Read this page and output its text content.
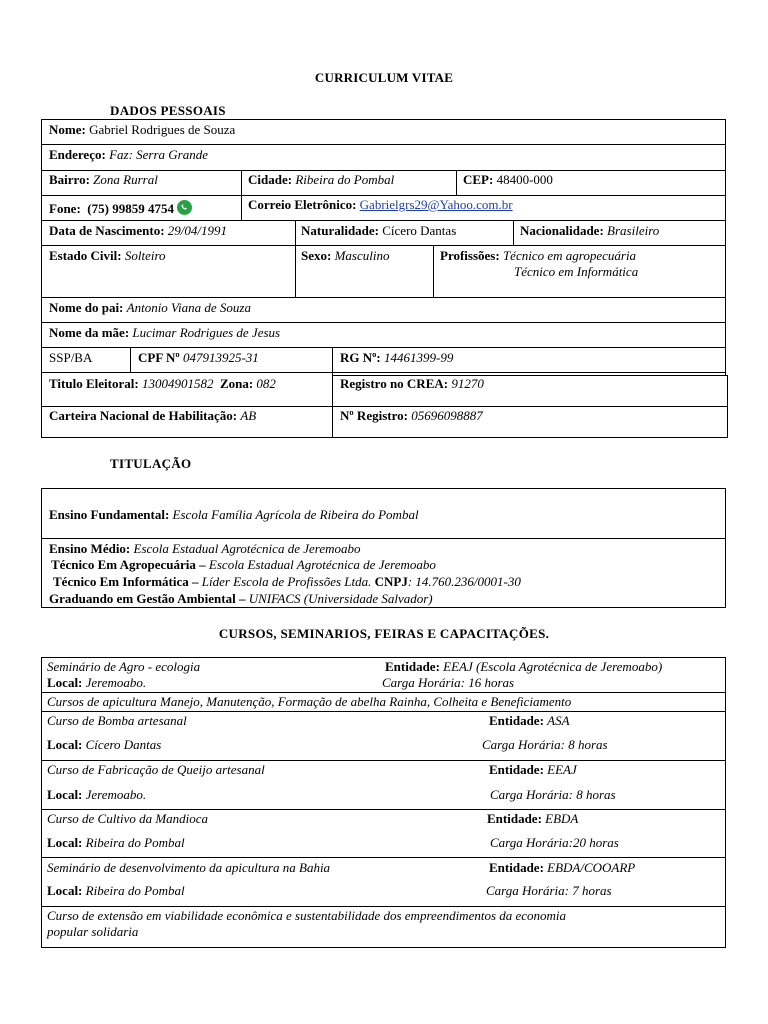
CURRICULUM VITAE
DADOS PESSOAIS
Nome: Gabriel Rodrigues de Souza
Endereço: Faz: Serra Grande
Bairro: Zona Rurral	Cidade: Ribeira do Pombal	CEP: 48400-000
Fone: (75) 99859 4754	Correio Eletrônico: Gabrielgrs29@Yahoo.com.br
Data de Nascimento: 29/04/1991	Naturalidade: Cícero Dantas	Nacionalidade: Brasileiro
Estado Civil: Solteiro	Sexo: Masculino	Profissões: Técnico em agropecuária
Técnico em Informática
Nome do pai: Antonio Viana de Souza
Nome da mãe: Lucimar Rodrigues de Jesus
SSP/BA	CPF Nº 047913925-31	RG Nº: 14461399-99
Titulo Eleitoral: 13004901582 Zona: 082	Registro no CREA: 91270
Carteira Nacional de Habilitação: AB	Nº Registro: 05696098887
TITULAÇÃO
Ensino Fundamental: Escola Família Agrícola de Ribeira do Pombal
Ensino Médio: Escola Estadual Agrotécnica de Jeremoabo
Técnico Em Agropecuária – Escola Estadual Agrotécnica de Jeremoabo
Técnico Em Informática – Líder Escola de Profissões Ltda. CNPJ: 14.760.236/0001-30
Graduando em Gestão Ambiental – UNIFACS (Universidade Salvador)
CURSOS, SEMINARIOS, FEIRAS E CAPACITAÇÕES.
Seminário de Agro - ecologia	Entidade: EEAJ (Escola Agrotécnica de Jeremoabo)
Local: Jeremoabo.	Carga Horária: 16 horas
Cursos de apicultura Manejo, Manutenção, Formação de abelha Rainha, Colheita e Beneficiamento
Curso de Bomba artesanal	Entidade: ASA
Local: Cícero Dantas	Carga Horária: 8 horas
Curso de Fabricação de Queijo artesanal	Entidade: EEAJ
Local: Jeremoabo.	Carga Horária: 8 horas
Curso de Cultivo da Mandioca	Entidade: EBDA
Local: Ribeira do Pombal	Carga Horária:20 horas
Seminário de desenvolvimento da apicultura na Bahia	Entidade: EBDA/COOARP
Local: Ribeira do Pombal	Carga Horária: 7 horas
Curso de extensão em viabilidade econômica e sustentabilidade dos empreendimentos da economia
popular solidaria
